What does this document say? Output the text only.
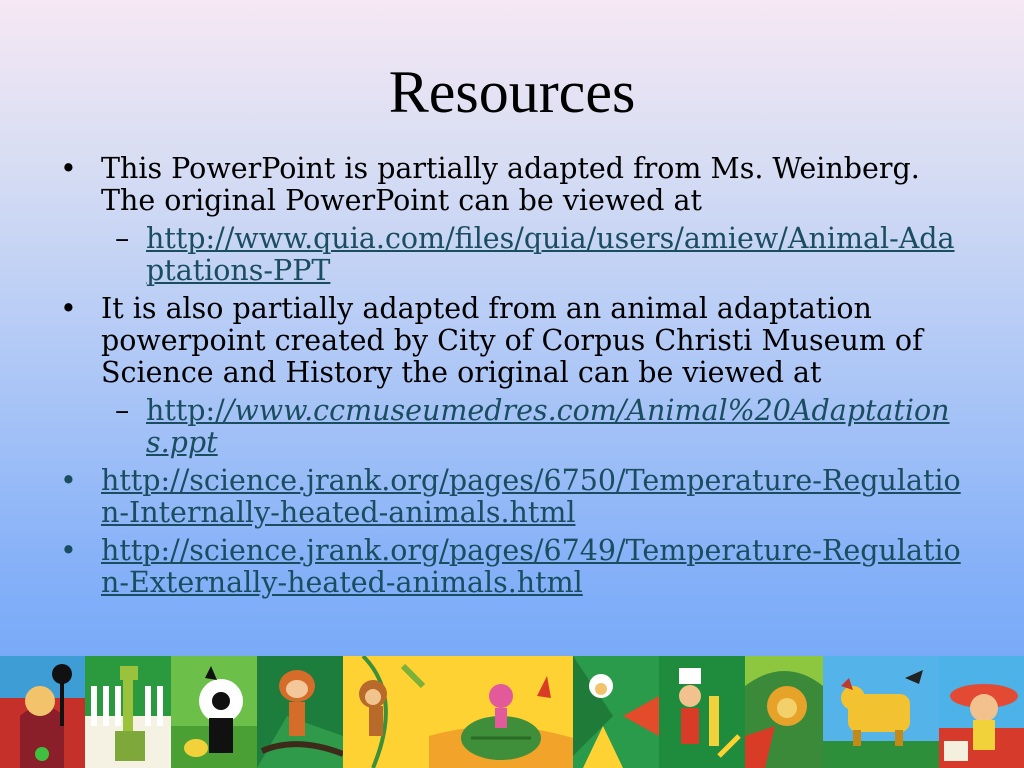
Resources
• This PowerPoint is partially adapted from Ms. Weinberg. The original PowerPoint can be viewed at
– http://www.quia.com/files/quia/users/amiew/Animal-Adaptations-PPT
• It is also partially adapted from an animal adaptation powerpoint created by City of Corpus Christi Museum of Science and History the original can be viewed at
– http://www.ccmuseumedres.com/Animal%20Adaptations.ppt
• http://science.jrank.org/pages/6750/Temperature-Regulation-Internally-heated-animals.html
• http://science.jrank.org/pages/6749/Temperature-Regulation-Externally-heated-animals.html
